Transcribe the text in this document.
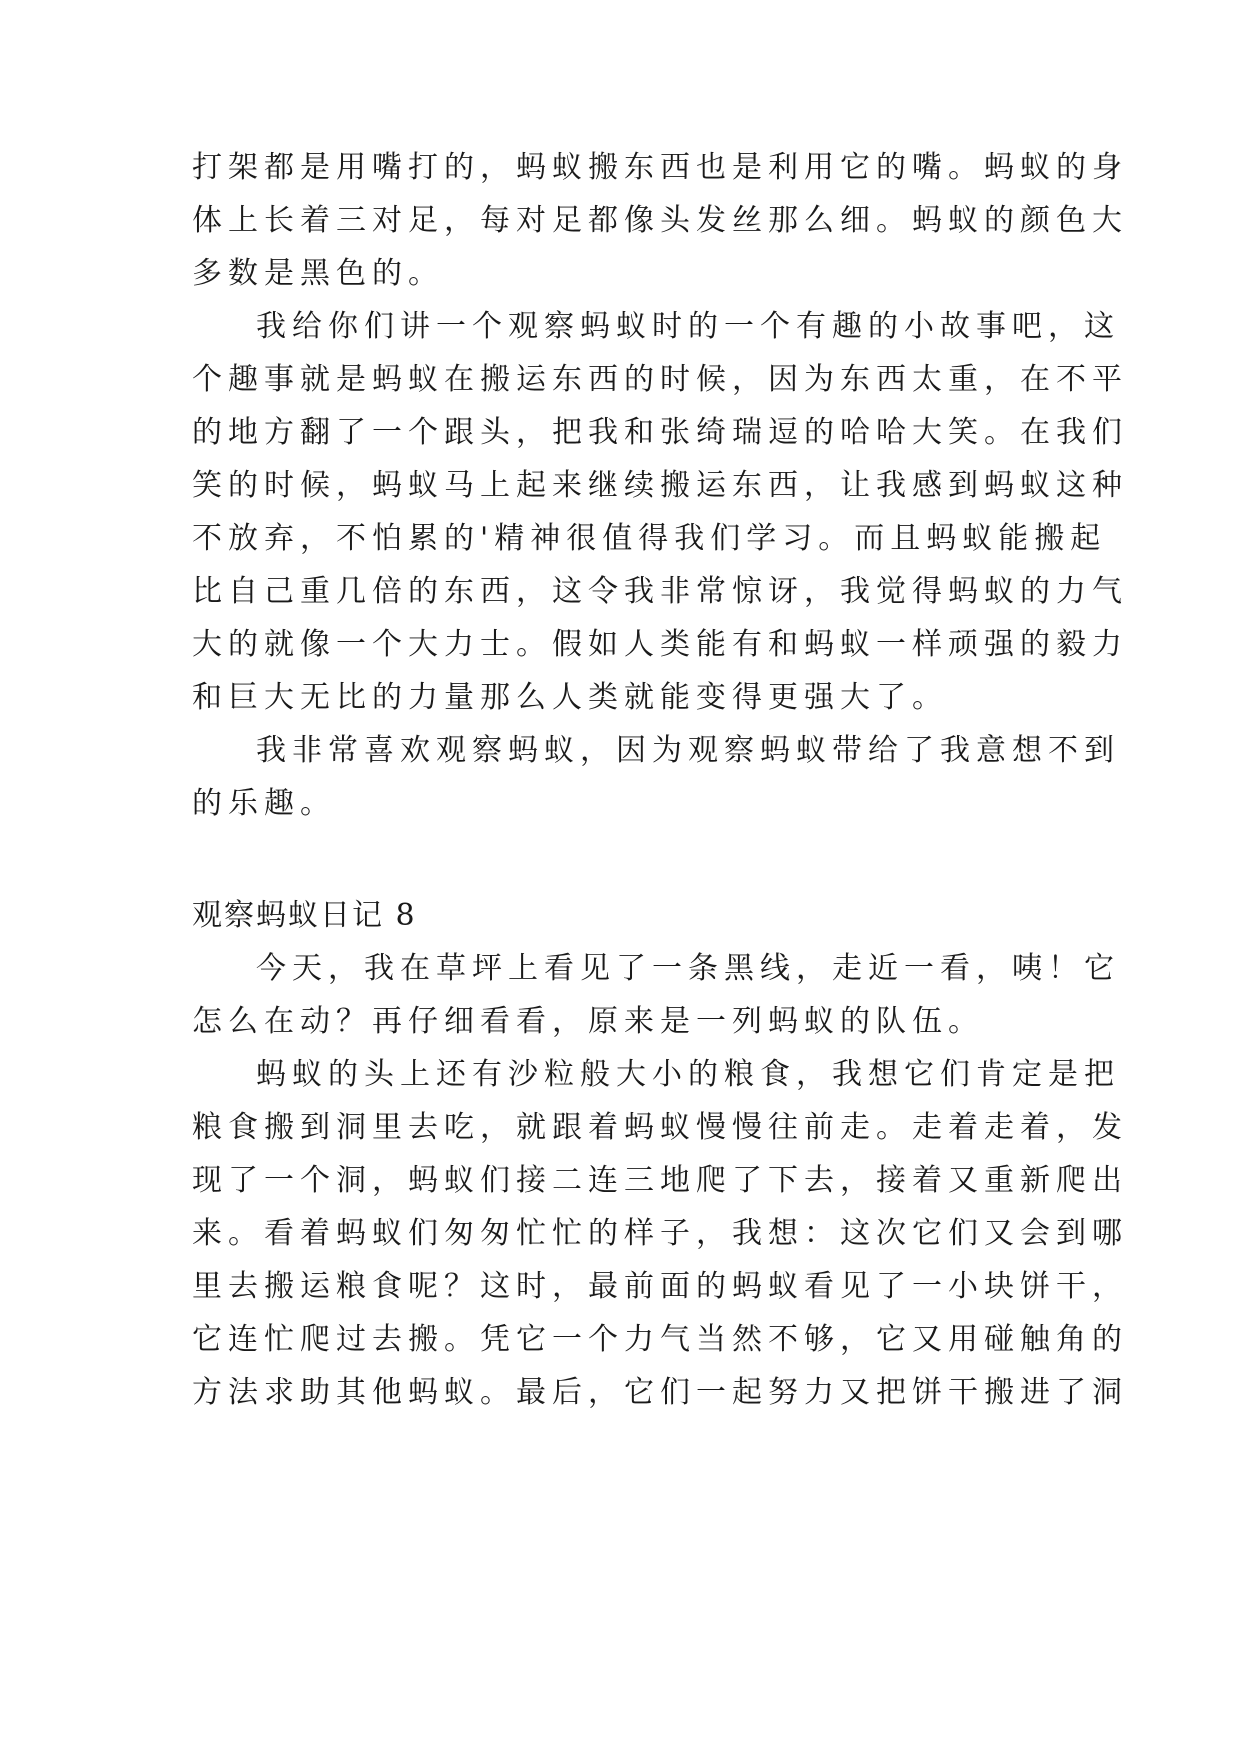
打架都是用嘴打的，蚂蚁搬东西也是利用它的嘴。蚂蚁的身
体上长着三对足，每对足都像头发丝那么细。蚂蚁的颜色大
多数是黑色的。
我给你们讲一个观察蚂蚁时的一个有趣的小故事吧，这
个趣事就是蚂蚁在搬运东西的时候，因为东西太重，在不平
的地方翻了一个跟头，把我和张绮瑞逗的哈哈大笑。在我们
笑的时候，蚂蚁马上起来继续搬运东西，让我感到蚂蚁这种
不放弃，不怕累的'精神很值得我们学习。而且蚂蚁能搬起
比自己重几倍的东西，这令我非常惊讶，我觉得蚂蚁的力气
大的就像一个大力士。假如人类能有和蚂蚁一样顽强的毅力
和巨大无比的力量那么人类就能变得更强大了。
我非常喜欢观察蚂蚁，因为观察蚂蚁带给了我意想不到
的乐趣。
观察蚂蚁日记 8
今天，我在草坪上看见了一条黑线，走近一看，咦！它
怎么在动？再仔细看看，原来是一列蚂蚁的队伍。
蚂蚁的头上还有沙粒般大小的粮食，我想它们肯定是把
粮食搬到洞里去吃，就跟着蚂蚁慢慢往前走。走着走着，发
现了一个洞，蚂蚁们接二连三地爬了下去，接着又重新爬出
来。看着蚂蚁们匆匆忙忙的样子，我想：这次它们又会到哪
里去搬运粮食呢？这时，最前面的蚂蚁看见了一小块饼干，
它连忙爬过去搬。凭它一个力气当然不够，它又用碰触角的
方法求助其他蚂蚁。最后，它们一起努力又把饼干搬进了洞
